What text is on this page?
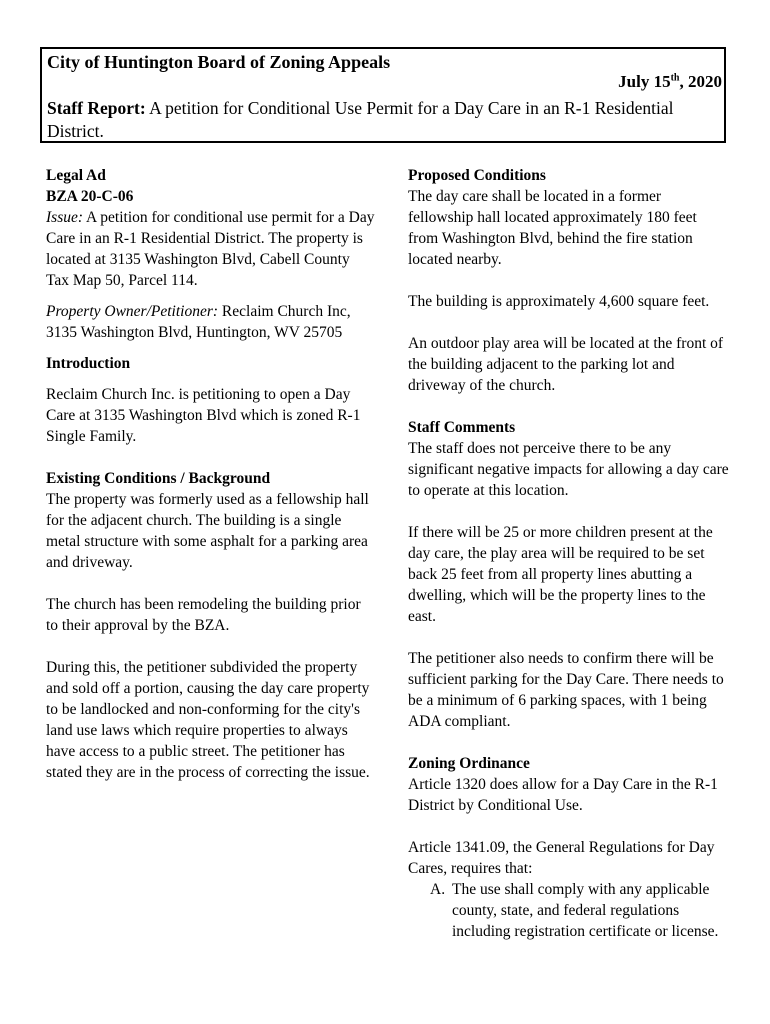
City of Huntington Board of Zoning Appeals
July 15th, 2020
Staff Report: A petition for Conditional Use Permit for a Day Care in an R-1 Residential District.

Legal Ad

BZA 20-C-06

Issue: A petition for conditional use permit for a Day Care in an R-1 Residential District. The property is located at 3135 Washington Blvd, Cabell County Tax Map 50, Parcel 114.

Property Owner/Petitioner: Reclaim Church Inc, 3135 Washington Blvd, Huntington, WV 25705

Introduction

Reclaim Church Inc. is petitioning to open a Day Care at 3135 Washington Blvd which is zoned R-1 Single Family.

Existing Conditions / Background

The property was formerly used as a fellowship hall for the adjacent church. The building is a single metal structure with some asphalt for a parking area and driveway.

The church has been remodeling the building prior to their approval by the BZA.

During this, the petitioner subdivided the property and sold off a portion, causing the day care property to be landlocked and non-conforming for the city's land use laws which require properties to always have access to a public street. The petitioner has stated they are in the process of correcting the issue.

Proposed Conditions

The day care shall be located in a former fellowship hall located approximately 180 feet from Washington Blvd, behind the fire station located nearby.

The building is approximately 4,600 square feet.

An outdoor play area will be located at the front of the building adjacent to the parking lot and driveway of the church.

Staff Comments

The staff does not perceive there to be any significant negative impacts for allowing a day care to operate at this location.

If there will be 25 or more children present at the day care, the play area will be required to be set back 25 feet from all property lines abutting a dwelling, which will be the property lines to the east.

The petitioner also needs to confirm there will be sufficient parking for the Day Care. There needs to be a minimum of 6 parking spaces, with 1 being ADA compliant.

Zoning Ordinance

Article 1320 does allow for a Day Care in the R-1 District by Conditional Use.

Article 1341.09, the General Regulations for Day Cares, requires that:

A. The use shall comply with any applicable county, state, and federal regulations including registration certificate or license.
